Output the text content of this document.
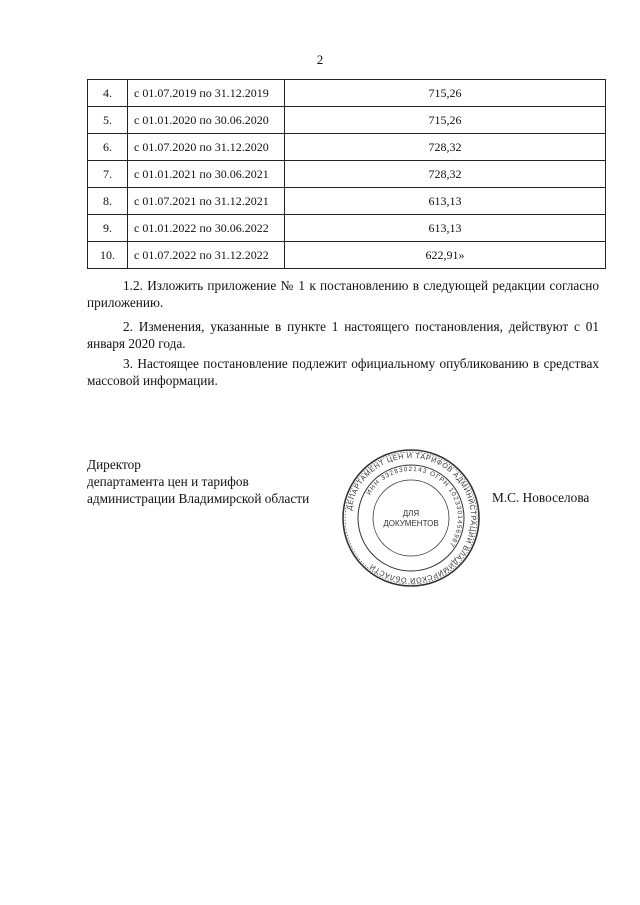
2
4.	с 01.07.2019 по 31.12.2019	715,26
5.	с 01.01.2020 по 30.06.2020	715,26
6.	с 01.07.2020 по 31.12.2020	728,32
7.	с 01.01.2021 по 30.06.2021	728,32
8.	с 01.07.2021 по 31.12.2021	613,13
9.	с 01.01.2022 по 30.06.2022	613,13
10.	с 01.07.2022 по 31.12.2022	622,91»

1.2. Изложить приложение № 1 к постановлению в следующей редакции согласно приложению.

2. Изменения, указанные в пункте 1 настоящего постановления, действуют с 01 января 2020 года.

3. Настоящее постановление подлежит официальному опубликованию в средствах массовой информации.

Директор
департамента цен и тарифов
администрации Владимирской области	М.С. Новоселова
ДЕПАРТАМЕНТ ЦЕН И ТАРИФОВ АДМИНИСТРАЦИИ ВЛАДИМИРСКОЙ ОБЛАСТИ
ИНН 3328302143 ОГРН 1023301456987
ДЛЯ
ДОКУМЕНТОВ
